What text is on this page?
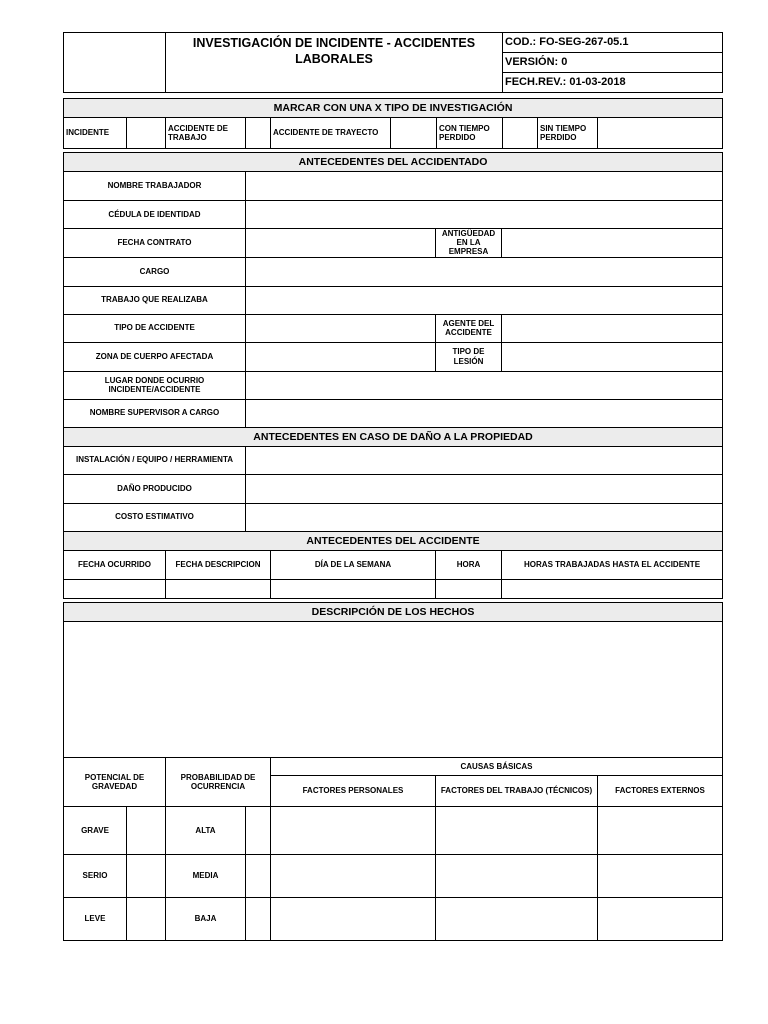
	INVESTIGACIÓN DE INCIDENTE - ACCIDENTES LABORALES	COD.: FO-SEG-267-05.1
VERSIÓN: 0
FECH.REV.: 01-03-2018
MARCAR CON UNA X TIPO DE INVESTIGACIÓN
INCIDENTE		ACCIDENTE DE TRABAJO		ACCIDENTE DE TRAYECTO		CON TIEMPO PERDIDO		SIN TIEMPO PERDIDO	
ANTECEDENTES DEL ACCIDENTADO					
NOMBRE TRABAJADOR					
CÉDULA DE IDENTIDAD					
FECHA CONTRATO				ANTIGÜEDAD EN LA EMPRESA	
CARGO					
TRABAJO QUE REALIZABA					
TIPO DE ACCIDENTE				AGENTE DEL ACCIDENTE	
ZONA DE CUERPO AFECTADA				TIPO DE LESIÓN	
LUGAR DONDE OCURRIO INCIDENTE/ACCIDENTE					
NOMBRE SUPERVISOR A CARGO					
ANTECEDENTES EN CASO DE DAÑO A LA PROPIEDAD					
INSTALACIÓN / EQUIPO / HERRAMIENTA					
DAÑO PRODUCIDO					
COSTO ESTIMATIVO					
ANTECEDENTES DEL ACCIDENTE					
FECHA OCURRIDO	FECHA DESCRIPCION		DÍA DE LA SEMANA	HORA	HORAS TRABAJADAS HASTA EL ACCIDENTE

DESCRIPCIÓN DE LOS HECHOS						

POTENCIAL DE GRAVEDAD		PROBABILIDAD DE OCURRENCIA		CAUSAS BÁSICAS		
				FACTORES PERSONALES	FACTORES DEL TRABAJO (TÉCNICOS)	FACTORES EXTERNOS
GRAVE		ALTA				
SERIO		MEDIA				
LEVE		BAJA				
